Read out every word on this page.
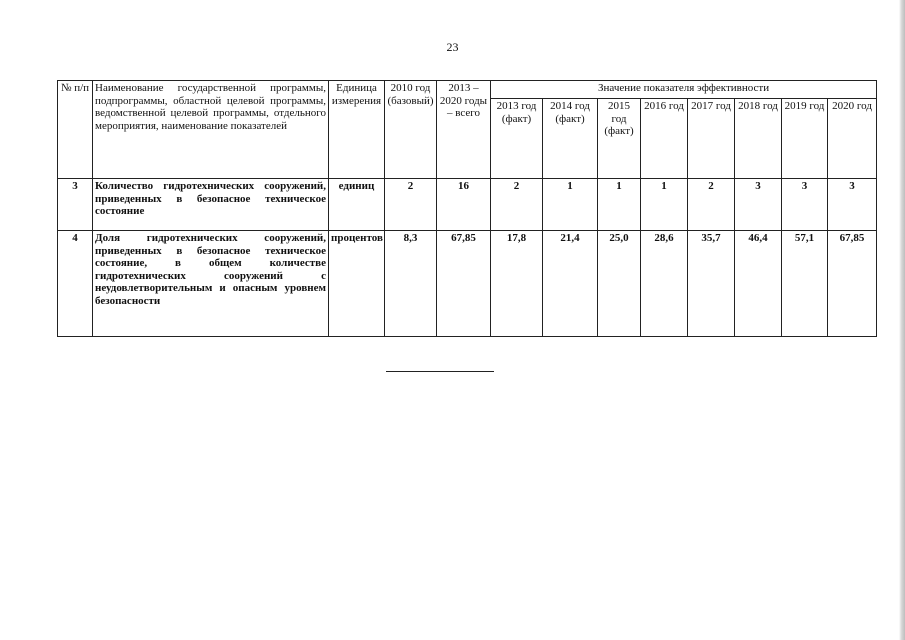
23
№ п/п	Наименование государственной программы, подпрограммы, областной целевой программы, ведомственной целевой программы, отдельного мероприятия, наименование показателей	Единица измерения	2010 год (базовый)	2013 – 2020 годы – всего	Значение показателя эффективности							
					2013 год (факт)	2014 год (факт)	2015 год (факт)	2016 год	2017 год	2018 год	2019 год	2020 год
3	Количество гидротехнических сооружений, приведенных в безопасное техническое состояние	единиц	2	16	2	1	1	1	2	3	3	3
4	Доля гидротехнических сооружений, приведенных в безопасное техническое состояние, в общем количестве гидротехнических сооружений с неудовлетворительным и опасным уровнем безопасности	процентов	8,3	67,85	17,8	21,4	25,0	28,6	35,7	46,4	57,1	67,85
